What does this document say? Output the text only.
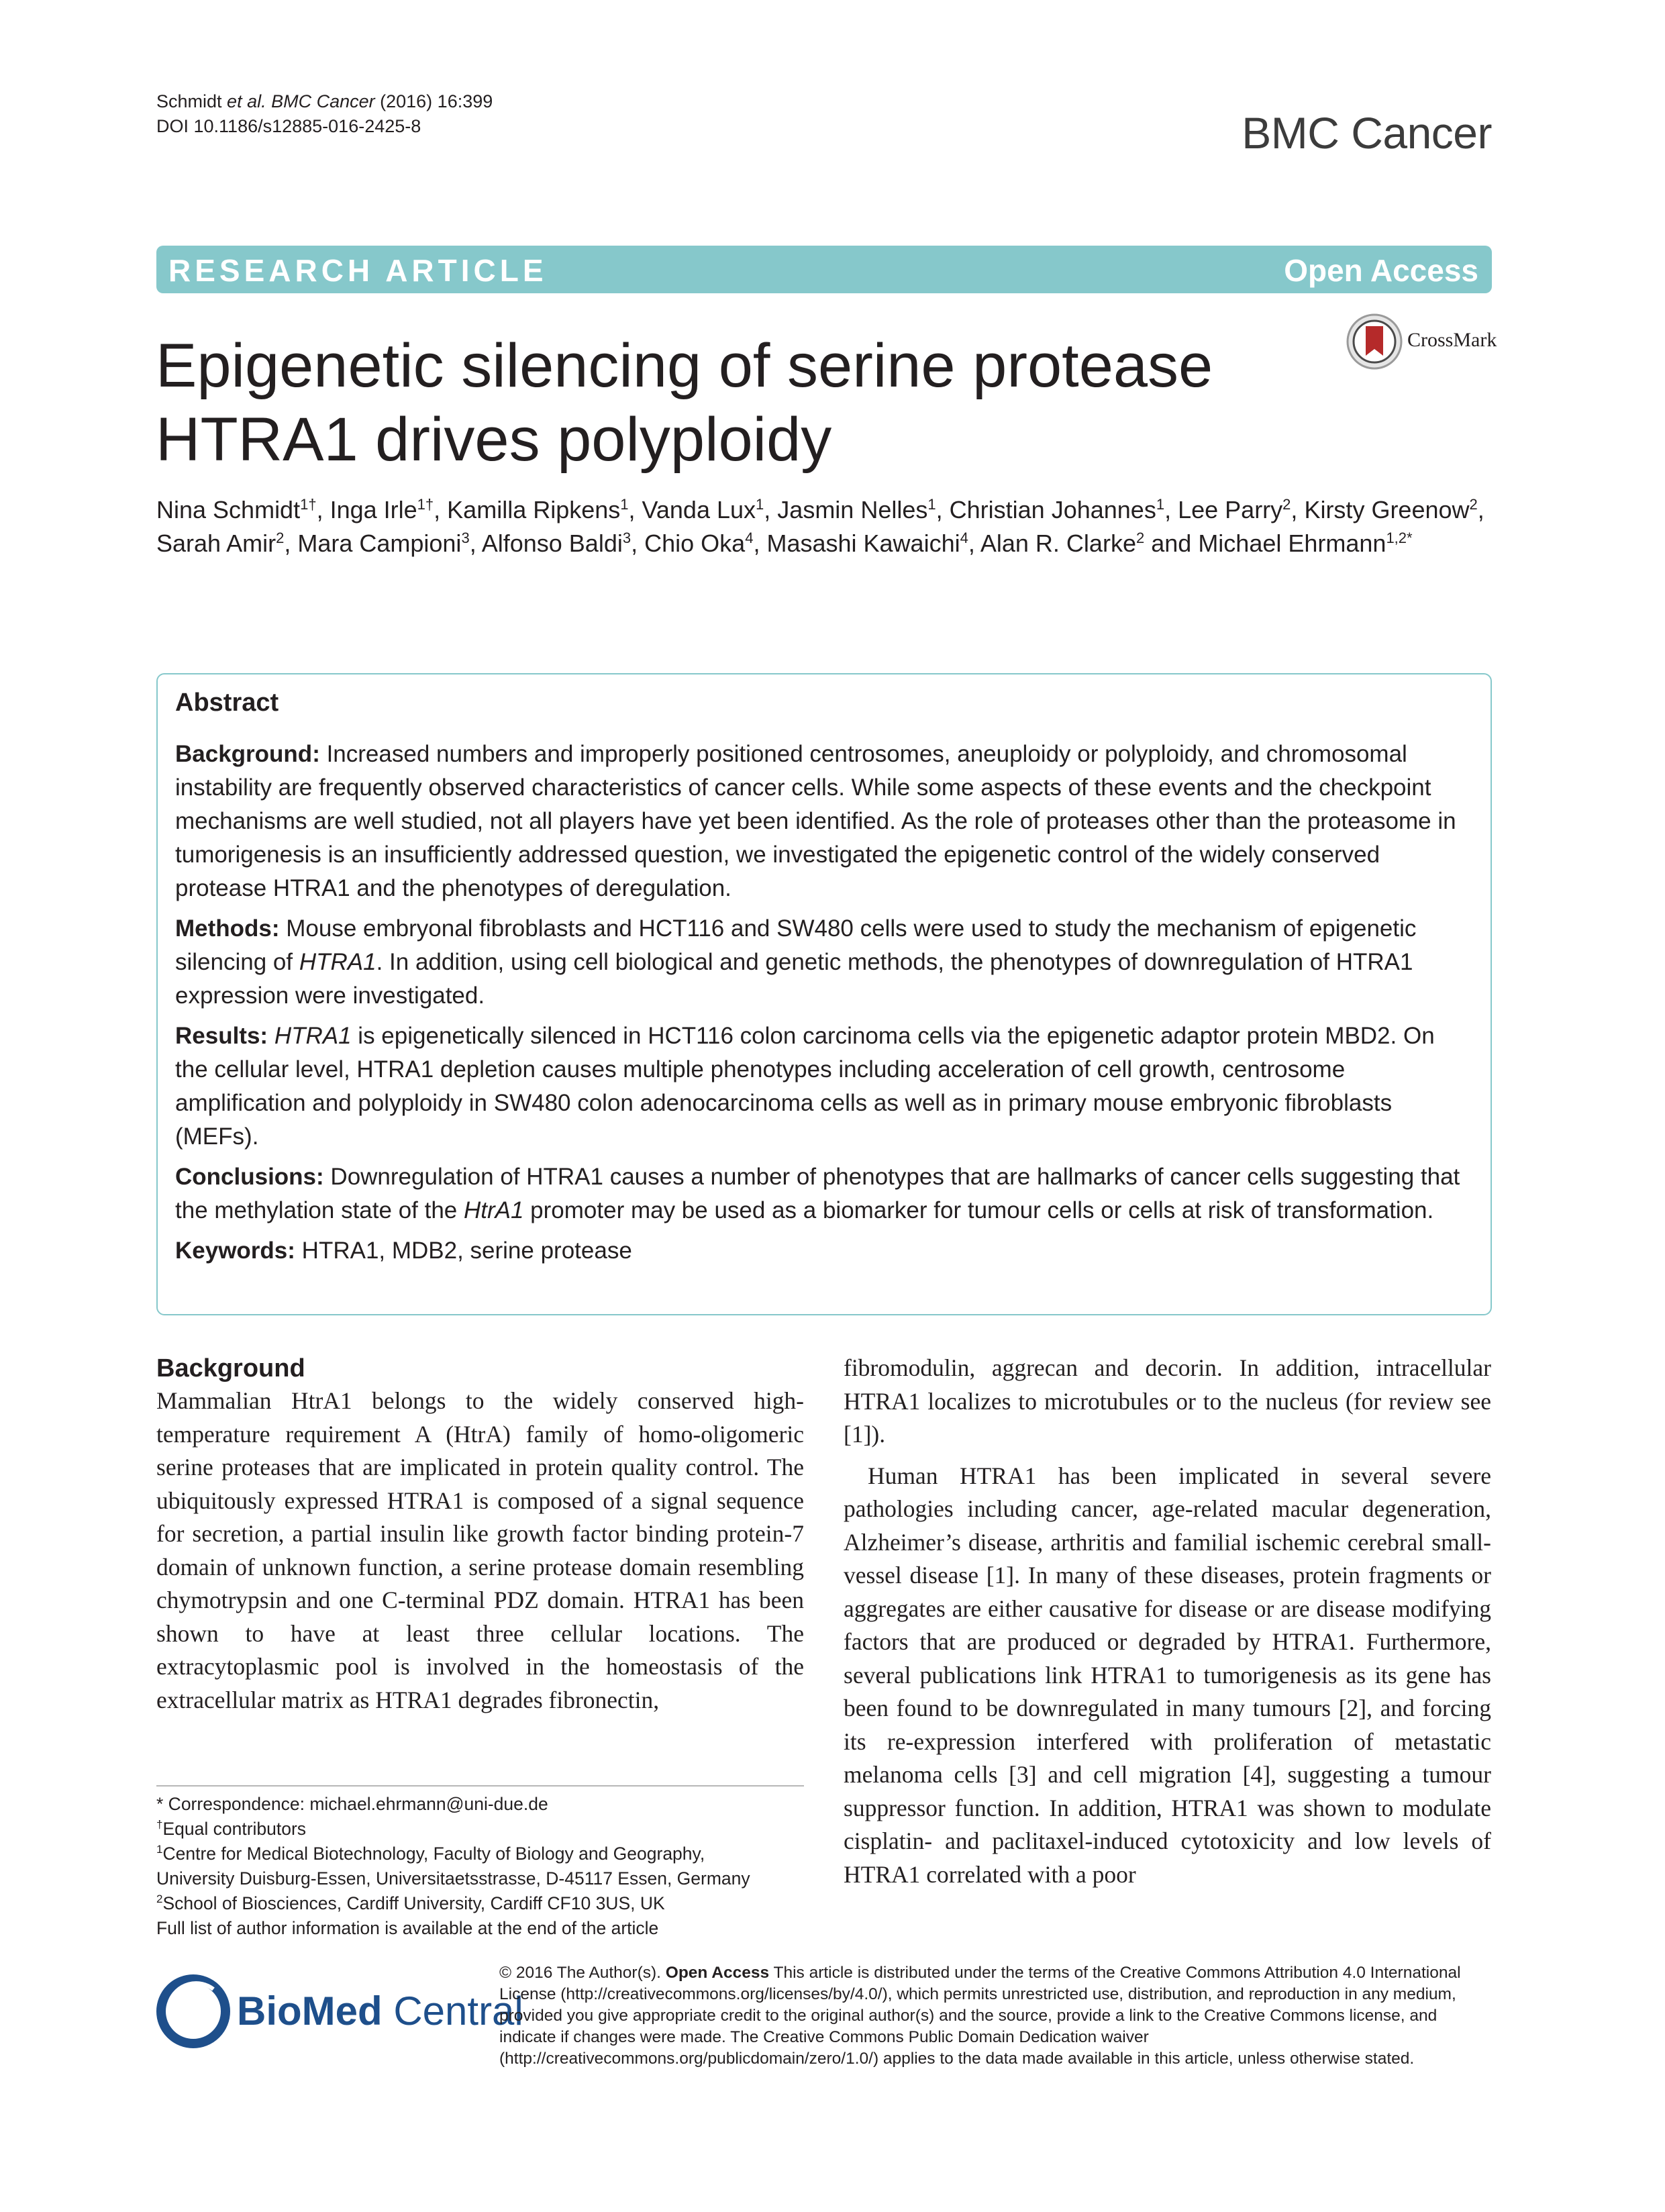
Schmidt et al. BMC Cancer (2016) 16:399
DOI 10.1186/s12885-016-2425-8	BMC Cancer
RESEARCH ARTICLE	Open Access
CrossMark
Epigenetic silencing of serine protease HTRA1 drives polyploidy
Nina Schmidt$^{1\dagger}$, Inga Irle$^{1\dagger}$, Kamilla Ripkens$^1$, Vanda Lux$^1$, Jasmin Nelles$^1$, Christian Johannes$^1$, Lee Parry$^2$, Kirsty Greenow$^2$, Sarah Amir$^2$, Mara Campioni$^3$, Alfonso Baldi$^3$, Chio Oka$^4$, Masashi Kawaichi$^4$, Alan R. Clarke$^2$ and Michael Ehrmann$^{1,2*}$
Abstract

Background: Increased numbers and improperly positioned centrosomes, aneuploidy or polyploidy, and chromosomal instability are frequently observed characteristics of cancer cells. While some aspects of these events and the checkpoint mechanisms are well studied, not all players have yet been identified. As the role of proteases other than the proteasome in tumorigenesis is an insufficiently addressed question, we investigated the epigenetic control of the widely conserved protease HTRA1 and the phenotypes of deregulation.

Methods: Mouse embryonal fibroblasts and HCT116 and SW480 cells were used to study the mechanism of epigenetic silencing of HTRA1. In addition, using cell biological and genetic methods, the phenotypes of downregulation of HTRA1 expression were investigated.

Results: HTRA1 is epigenetically silenced in HCT116 colon carcinoma cells via the epigenetic adaptor protein MBD2. On the cellular level, HTRA1 depletion causes multiple phenotypes including acceleration of cell growth, centrosome amplification and polyploidy in SW480 colon adenocarcinoma cells as well as in primary mouse embryonic fibroblasts (MEFs).

Conclusions: Downregulation of HTRA1 causes a number of phenotypes that are hallmarks of cancer cells suggesting that the methylation state of the HtrA1 promoter may be used as a biomarker for tumour cells or cells at risk of transformation.

Keywords: HTRA1, MDB2, serine protease

Background

Mammalian HtrA1 belongs to the widely conserved high-temperature requirement A (HtrA) family of homo-oligomeric serine proteases that are implicated in protein quality control. The ubiquitously expressed HTRA1 is composed of a signal sequence for secretion, a partial insulin like growth factor binding protein-7 domain of unknown function, a serine protease domain resembling chymotrypsin and one C-terminal PDZ domain. HTRA1 has been shown to have at least three cellular locations. The extracytoplasmic pool is involved in the homeostasis of the extracellular matrix as HTRA1 degrades fibronectin,

fibromodulin, aggrecan and decorin. In addition, intracellular HTRA1 localizes to microtubules or to the nucleus (for review see [1]).

Human HTRA1 has been implicated in several severe pathologies including cancer, age-related macular degeneration, Alzheimer’s disease, arthritis and familial ischemic cerebral small-vessel disease [1]. In many of these diseases, protein fragments or aggregates are either causative for disease or are disease modifying factors that are produced or degraded by HTRA1. Furthermore, several publications link HTRA1 to tumorigenesis as its gene has been found to be downregulated in many tumours [2], and forcing its re-expression interfered with proliferation of metastatic melanoma cells [3] and cell migration [4], suggesting a tumour suppressor function. In addition, HTRA1 was shown to modulate cisplatin- and paclitaxel-induced cytotoxicity and low levels of HTRA1 correlated with a poor

* Correspondence: michael.ehrmann@uni-due.de

†Equal contributors

$^1$Centre for Medical Biotechnology, Faculty of Biology and Geography,

University Duisburg-Essen, Universitaetsstrasse, D-45117 Essen, Germany

$^2$School of Biosciences, Cardiff University, Cardiff CF10 3US, UK

Full list of author information is available at the end of the article

BioMed Central
© 2016 The Author(s). Open Access This article is distributed under the terms of the Creative Commons Attribution 4.0 International License (http://creativecommons.org/licenses/by/4.0/), which permits unrestricted use, distribution, and reproduction in any medium, provided you give appropriate credit to the original author(s) and the source, provide a link to the Creative Commons license, and indicate if changes were made. The Creative Commons Public Domain Dedication waiver (http://creativecommons.org/publicdomain/zero/1.0/) applies to the data made available in this article, unless otherwise stated.
